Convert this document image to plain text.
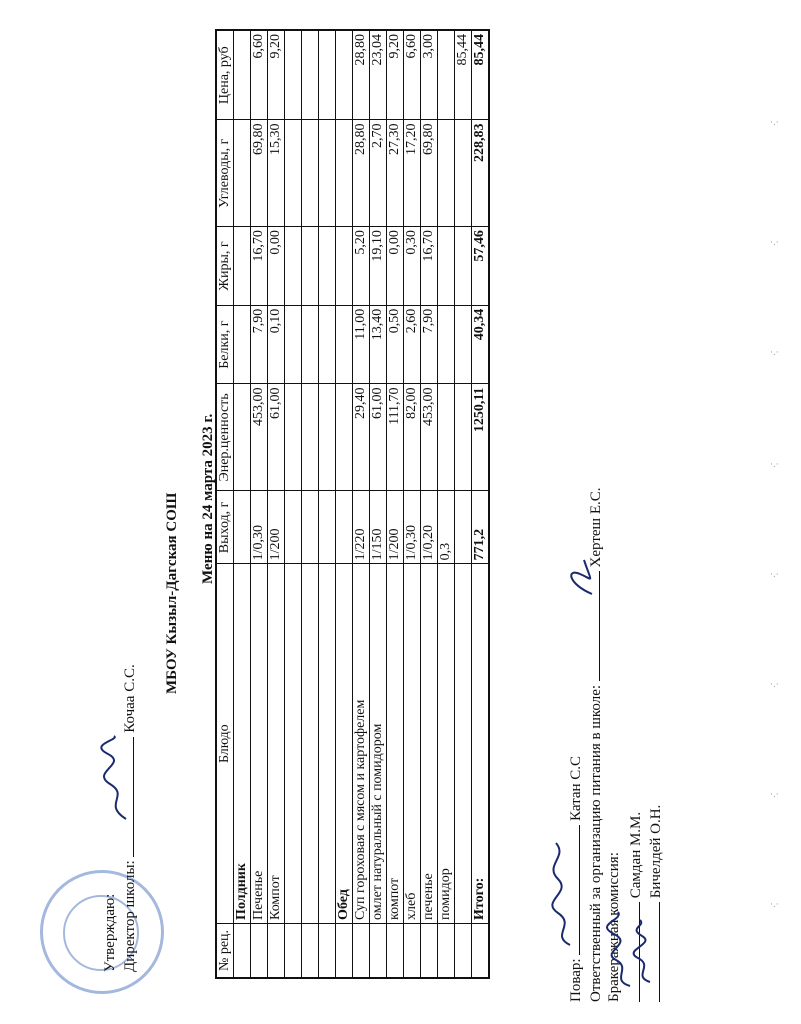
·.·
·.·
·.·
·.·
·.·
·.·
·.·
·.·
Утверждаю: Директор школы:  Кочаа С.С.
МБОУ Кызыл-Дагская СОШ Меню на 24 марта 2023 г.
№ рец.	Блюдо	Выход, г	Энер.ценность	Белки, г	Жиры, г	Углеводы, г	Цена, руб
	Полдник						
	Печенье	1/0,30	453,00	7,90	16,70	69,80	6,60
	Компот	1/200	61,00	0,10	0,00	15,30	9,20

	Обед						
	Суп гороховая с мясом и картофелем	1/220	29,40	11,00	5,20	28,80	28,80
	омлет натуральный с помидором	1/150	61,00	13,40	19,10	2,70	23,04
	компот	1/200	111,70	0,50	0,00	27,30	9,20
	хлеб	1/0,30	82,00	2,60	0,30	17,20	6,60
	печенье	1/0,20	453,00	7,90	16,70	69,80	3,00
	помидор	0,3					
							85,44
	Итого:	771,2	1250,11	40,34	57,46	228,83	85,44
Повар:  Катан С.С Ответственный за организацию питания в школе:  Хертеш Е.С.
Бракеражная комиссия: Самдан М.М. Бичелдей О.Н.
